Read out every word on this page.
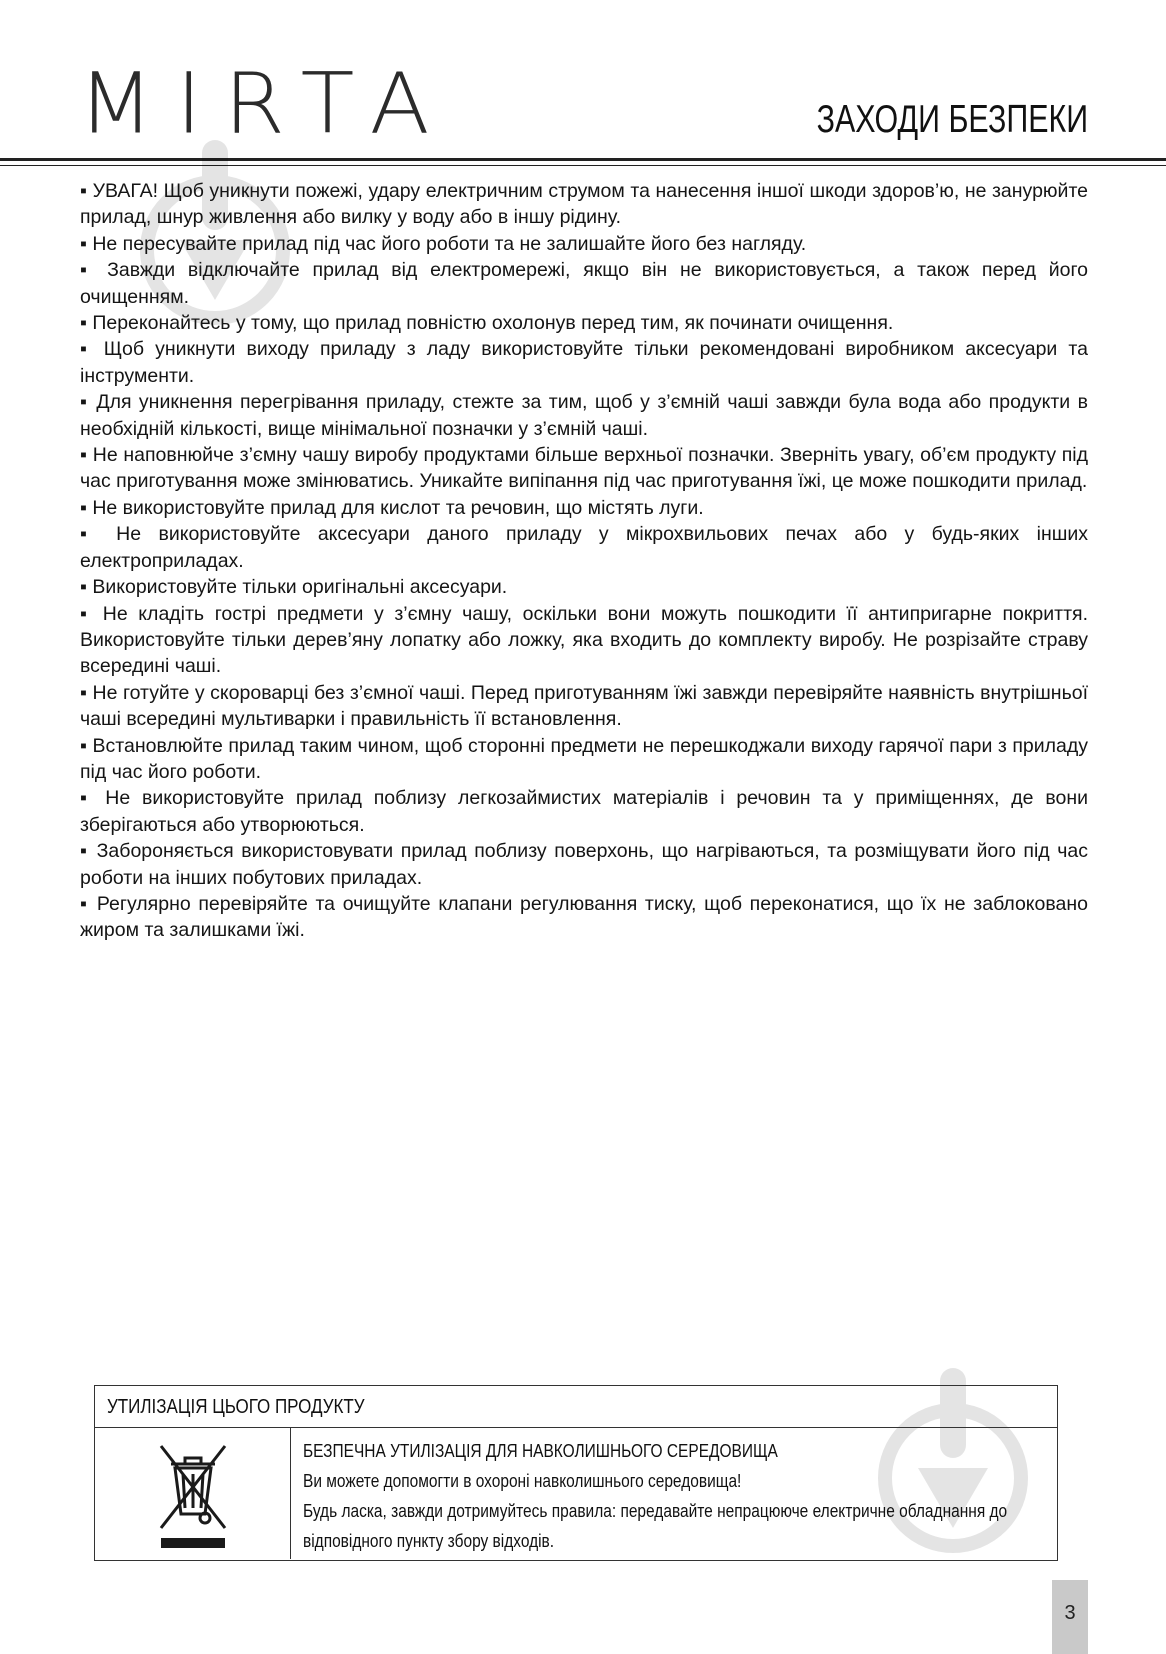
MIRTA	ЗАХОДИ БЕЗПЕКИ

▪ УВАГА! Щоб уникнути пожежі, удару електричним струмом та нанесення іншої шкоди здоров’ю, не занурюйте прилад, шнур живлення або вилку у воду або в іншу рідину.

▪ Не пересувайте прилад під час його роботи та не залишайте його без нагляду.

▪ Завжди відключайте прилад від електромережі, якщо він не використовується, а також перед його очищенням.

▪ Переконайтесь у тому, що прилад повністю охолонув перед тим, як починати очищення.

▪ Щоб уникнути виходу приладу з ладу використовуйте тільки рекомендовані виробником аксесуари та інструменти.

▪ Для уникнення перегрівання приладу, стежте за тим, щоб у з’ємній чаші завжди була вода або продукти в необхідній кількості, вище мінімальної позначки у з’ємній чаші.

▪ Не наповнюйче з’ємну чашу виробу продуктами більше верхньої позначки. Зверніть увагу, об’єм продукту під час приготування може змінюватись. Уникайте випіпання під час приготування їжі, це може пошкодити прилад.

▪ Не використовуйте прилад для кислот та речовин, що містять луги.

▪ Не використовуйте аксесуари даного приладу у мікрохвильових печах або у будь-яких інших електроприладах.

▪ Використовуйте тільки оригінальні аксесуари.

▪ Не кладіть гострі предмети у з’ємну чашу, оскільки вони можуть пошкодити її антипригарне покриття. Використовуйте тільки дерев’яну лопатку або ложку, яка входить до комплекту виробу. Не розрізайте страву всередині чаші.

▪ Не готуйте у скороварці без з’ємної чаші. Перед приготуванням їжі завжди перевіряйте наявність внутрішньої чаші всередині мультиварки і правильність її встановлення.

▪ Встановлюйте прилад таким чином, щоб сторонні предмети не перешкоджали виходу гарячої пари з приладу під час його роботи.

▪ Не використовуйте прилад поблизу легкозаймистих матеріалів і речовин та у приміщеннях, де вони зберігаються або утворюються.

▪ Забороняється використовувати прилад поблизу поверхонь, що нагріваються, та розміщувати його під час роботи на інших побутових приладах.

▪ Регулярно перевіряйте та очищуйте клапани регулювання тиску, щоб переконатися, що їх не заблоковано жиром та залишками їжі.

УТИЛІЗАЦІЯ ЦЬОГО ПРОДУКТУ
БЕЗПЕЧНА УТИЛІЗАЦІЯ ДЛЯ НАВКОЛИШНЬОГО СЕРЕДОВИЩА
Ви можете допомогти в охороні навколишнього середовища!
Будь ласка, завжди дотримуйтесь правила: передавайте непрацююче електричне обладнання до
відповідного пункту збору відходів.
3
